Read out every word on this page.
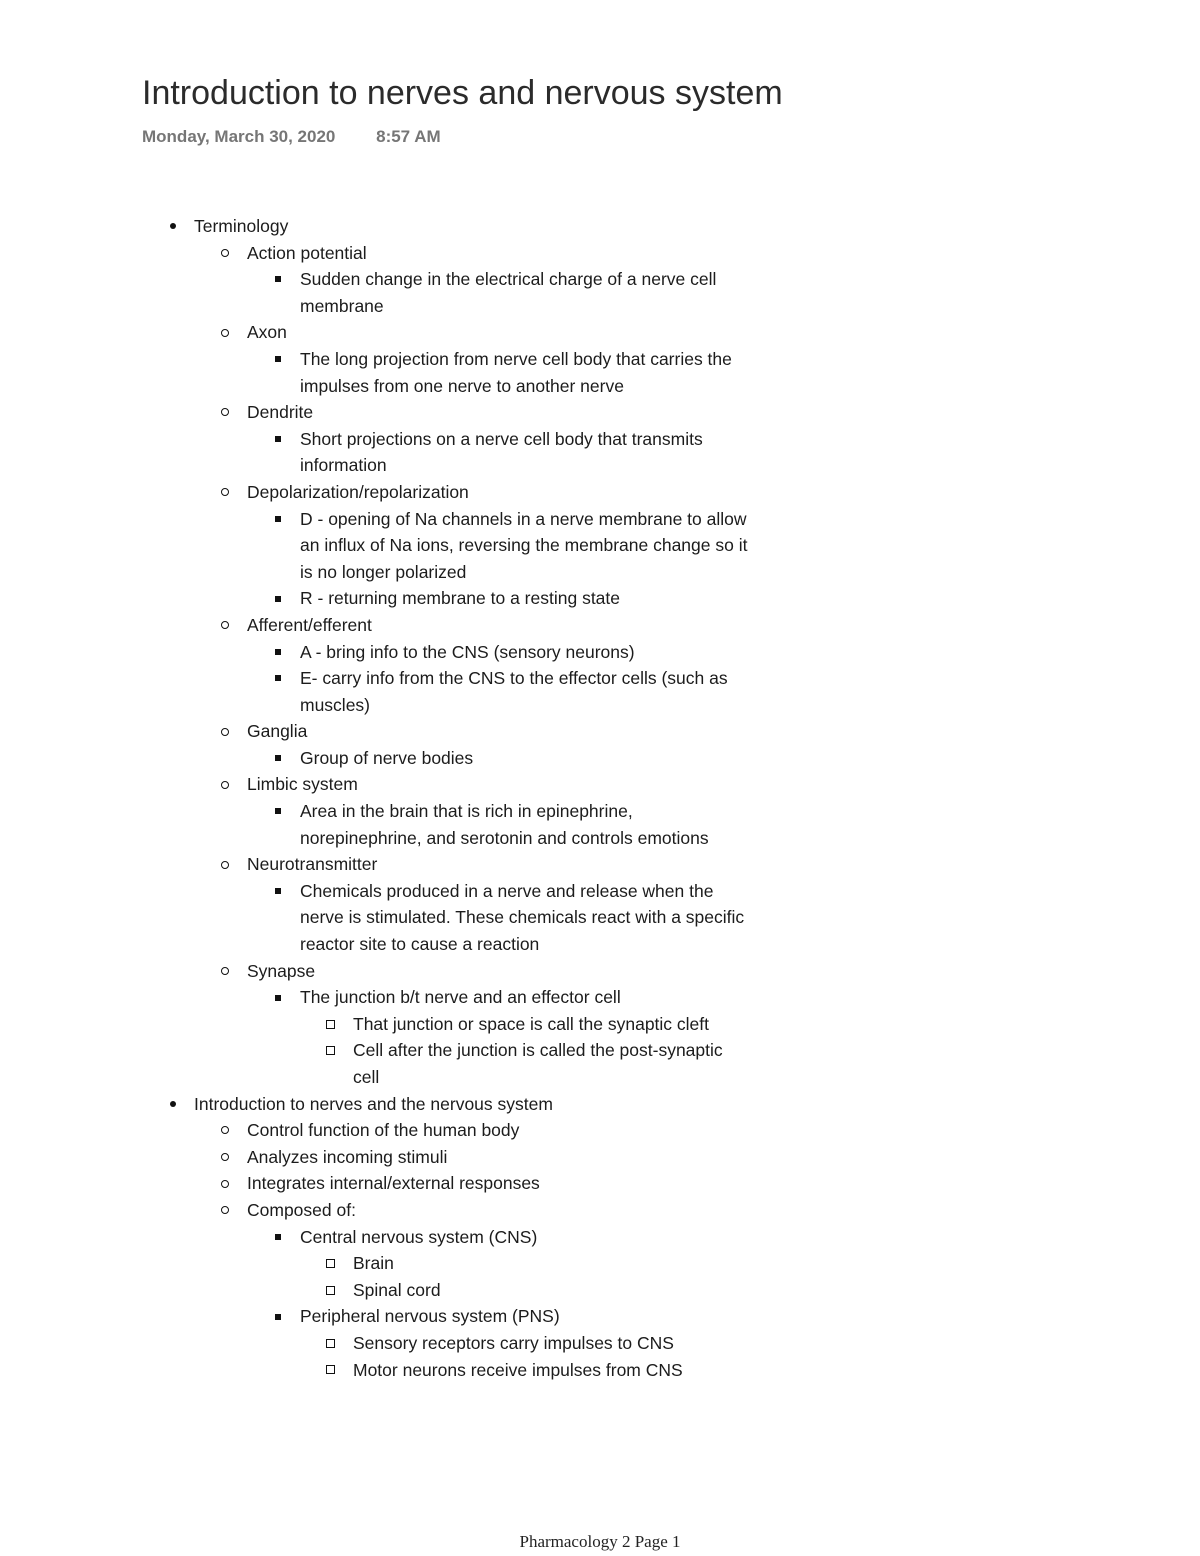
Introduction to nerves and nervous system
Monday, March 30, 2020 8:57 AM
Terminology
Action potential
Sudden change in the electrical charge of a nerve cell membrane
Axon
The long projection from nerve cell body that carries the impulses from one nerve to another nerve
Dendrite
Short projections on a nerve cell body that transmits information
Depolarization/repolarization
D - opening of Na channels in a nerve membrane to allow an influx of Na ions, reversing the membrane change so it is no longer polarized
R - returning membrane to a resting state
Afferent/efferent
A - bring info to the CNS (sensory neurons)
E- carry info from the CNS to the effector cells (such as muscles)
Ganglia
Group of nerve bodies
Limbic system
Area in the brain that is rich in epinephrine, norepinephrine, and serotonin and controls emotions
Neurotransmitter
Chemicals produced in a nerve and release when the nerve is stimulated. These chemicals react with a specific reactor site to cause a reaction
Synapse
The junction b/t nerve and an effector cell
That junction or space is call the synaptic cleft
Cell after the junction is called the post-synaptic cell
Introduction to nerves and the nervous system
Control function of the human body
Analyzes incoming stimuli
Integrates internal/external responses
Composed of:
Central nervous system (CNS)
Brain
Spinal cord
Peripheral nervous system (PNS)
Sensory receptors carry impulses to CNS
Motor neurons receive impulses from CNS
Pharmacology 2 Page 1
